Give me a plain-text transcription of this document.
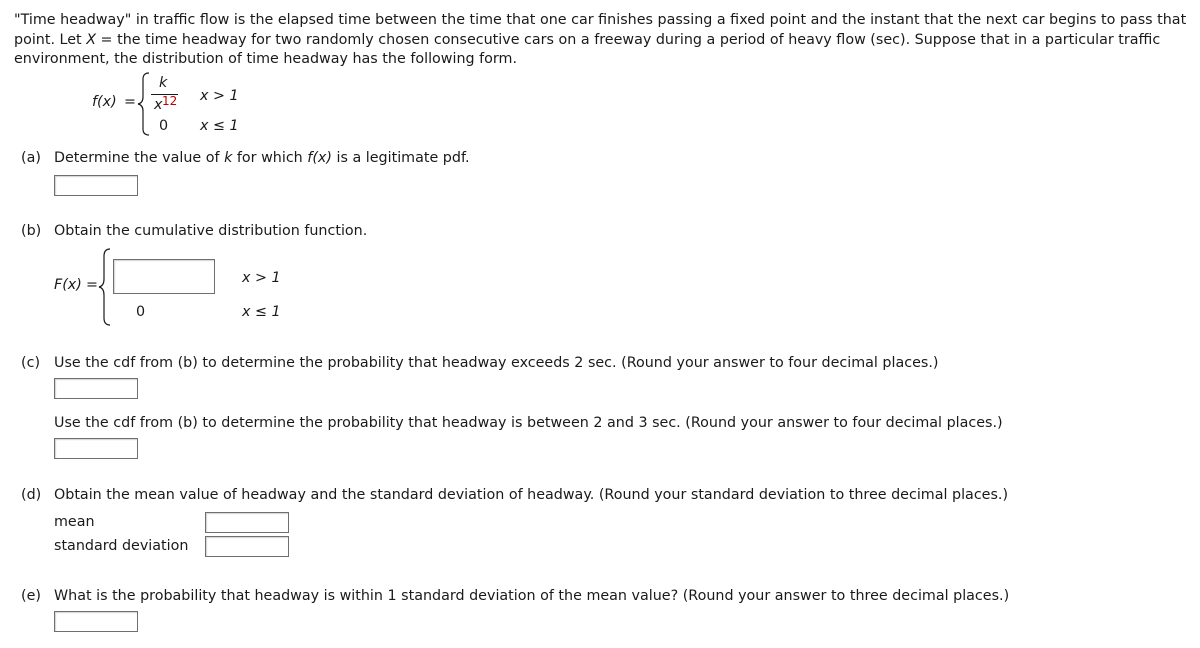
"Time headway" in traffic flow is the elapsed time between the time that one car finishes passing a fixed point and the instant that the next car begins to pass that point. Let X = the time headway for two randomly chosen consecutive cars on a freeway during a period of heavy flow (sec). Suppose that in a particular traffic environment, the distribution of time headway has the following form.
f(x) =
k
x 12
0
x > 1
x ≤ 1
(a) Determine the value of k for which f(x) is a legitimate pdf.
(b) Obtain the cumulative distribution function.
F(x) =
0
x > 1
x ≤ 1
(c) Use the cdf from (b) to determine the probability that headway exceeds 2 sec. (Round your answer to four decimal places.)
Use the cdf from (b) to determine the probability that headway is between 2 and 3 sec. (Round your answer to four decimal places.)
(d) Obtain the mean value of headway and the standard deviation of headway. (Round your standard deviation to three decimal places.)
mean
standard deviation
(e) What is the probability that headway is within 1 standard deviation of the mean value? (Round your answer to three decimal places.)
